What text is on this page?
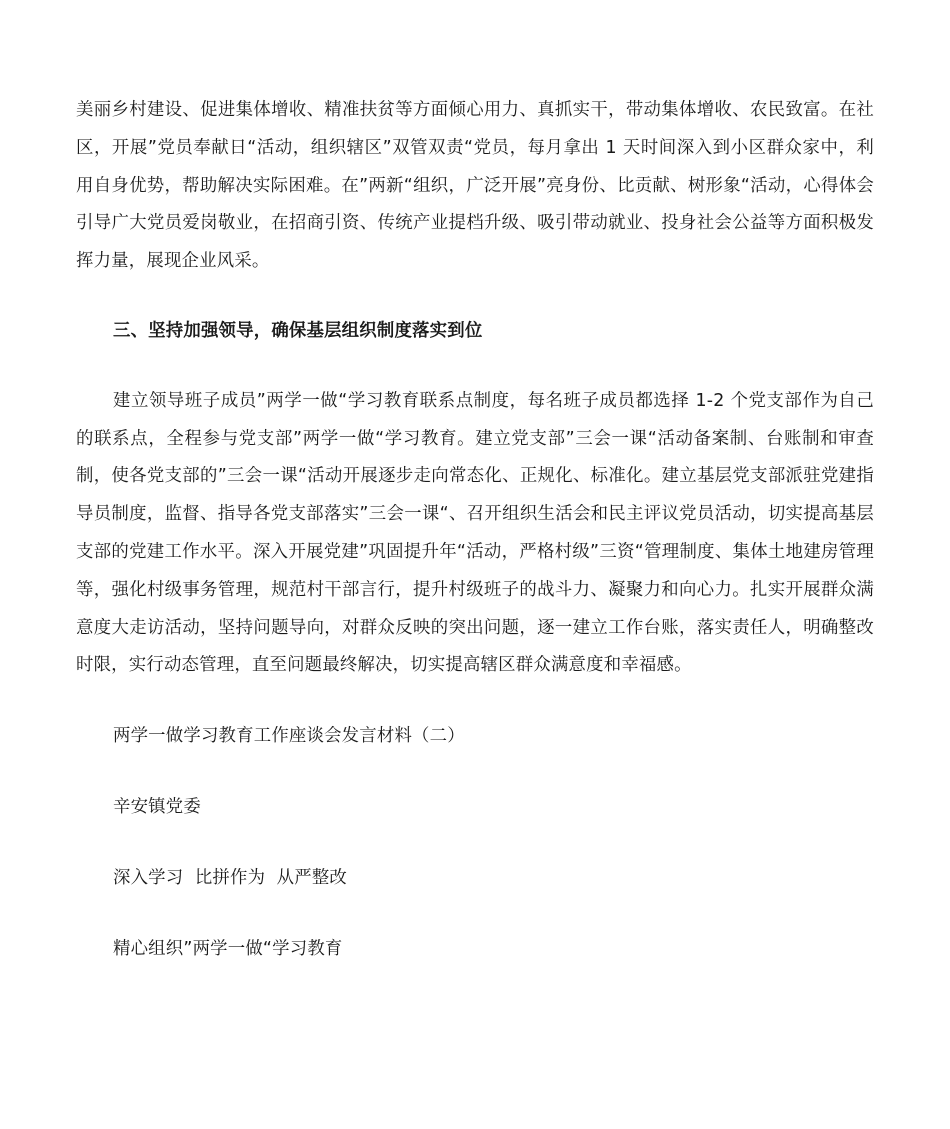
美丽乡村建设、促进集体增收、精准扶贫等方面倾心用力、真抓实干，带动集体增收、农民致富。在社区，开展”党员奉献日“活动，组织辖区”双管双责“党员，每月拿出 1 天时间深入到小区群众家中，利用自身优势，帮助解决实际困难。在”两新“组织，广泛开展”亮身份、比贡献、树形象“活动，心得体会引导广大党员爱岗敬业，在招商引资、传统产业提档升级、吸引带动就业、投身社会公益等方面积极发挥力量，展现企业风采。

三、坚持加强领导，确保基层组织制度落实到位

建立领导班子成员”两学一做“学习教育联系点制度，每名班子成员都选择 1-2 个党支部作为自己的联系点，全程参与党支部”两学一做“学习教育。建立党支部”三会一课“活动备案制、台账制和审查制，使各党支部的”三会一课“活动开展逐步走向常态化、正规化、标准化。建立基层党支部派驻党建指导员制度，监督、指导各党支部落实”三会一课“、召开组织生活会和民主评议党员活动，切实提高基层支部的党建工作水平。深入开展党建”巩固提升年“活动，严格村级”三资“管理制度、集体土地建房管理等，强化村级事务管理，规范村干部言行，提升村级班子的战斗力、凝聚力和向心力。扎实开展群众满意度大走访活动，坚持问题导向，对群众反映的突出问题，逐一建立工作台账，落实责任人，明确整改时限，实行动态管理，直至问题最终解决，切实提高辖区群众满意度和幸福感。

两学一做学习教育工作座谈会发言材料（二）

辛安镇党委

深入学习  比拼作为  从严整改

精心组织”两学一做“学习教育
